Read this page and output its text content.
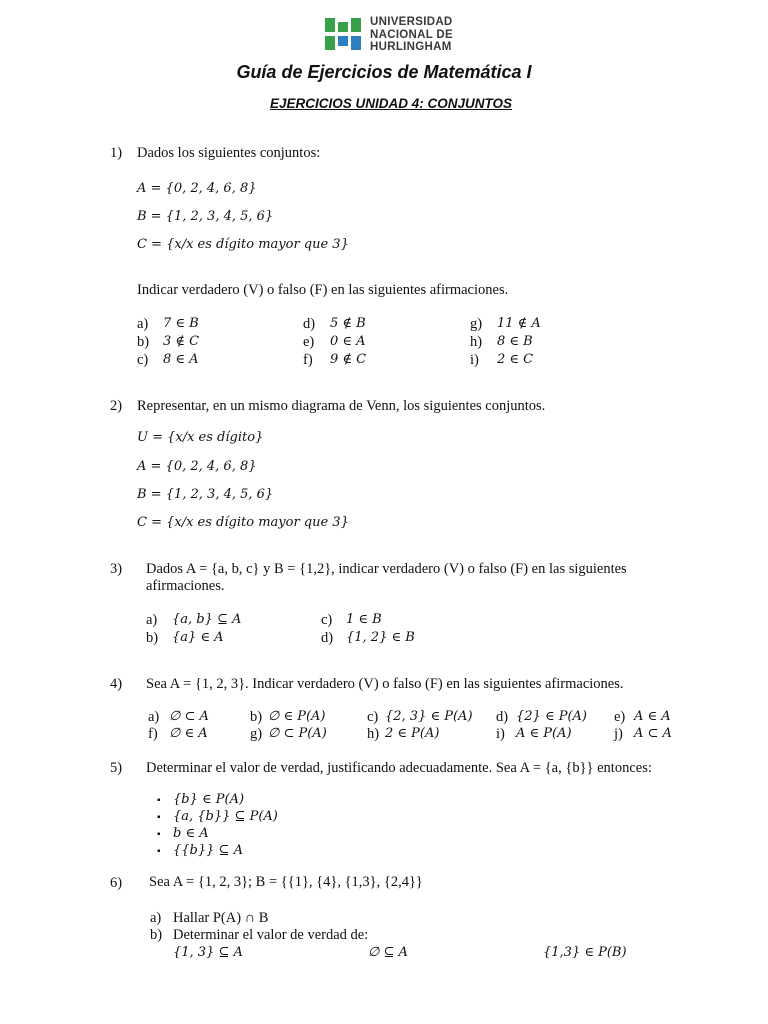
UNIVERSIDAD
NACIONAL DE
HURLINGHAM
Guía de Ejercicios de Matemática I
EJERCICIOS UNIDAD 4: CONJUNTOS
1) Dados los siguientes conjuntos:
A = {0, 2, 4, 6, 8}
B = {1, 2, 3, 4, 5, 6}
C = {x/x es dígito mayor que 3}
Indicar verdadero (V) o falso (F) en las siguientes afirmaciones.
a) 7 ∈ B
b) 3 ∉ C
c) 8 ∈ A
d) 5 ∉ B
e) 0 ∈ A
f) 9 ∉ C
g) 11 ∉ A
h) 8 ∈ B
i) 2 ∈ C
2) Representar, en un mismo diagrama de Venn, los siguientes conjuntos.
U = {x/x es dígito}
A = {0, 2, 4, 6, 8}
B = {1, 2, 3, 4, 5, 6}
C = {x/x es dígito mayor que 3}
3) Dados A = {a, b, c} y B = {1,2}, indicar verdadero (V) o falso (F) en las siguientes
afirmaciones.
a) {a, b} ⊆ A
b) {a} ∈ A
c) 1 ∈ B
d) {1, 2} ∈ B
4) Sea A = {1, 2, 3}. Indicar verdadero (V) o falso (F) en las siguientes afirmaciones.
a) ∅ ⊂ A	b) ∅ ∈ P(A)	c) {2, 3} ∈ P(A) d) {2} ∈ P(A) e) A ∈ A
f) ∅ ∈ A	g) ∅ ⊂ P(A)	h) 2 ∈ P(A)	i) A ∈ P(A)	j) A ⊂ A
5) Determinar el valor de verdad, justificando adecuadamente. Sea A = {a, {b}} entonces:
▪ {b} ∈ P(A)
▪ {a, {b}} ⊆ P(A)
▪ b ∈ A
▪ {{b}} ⊆ A
6) Sea A = {1, 2, 3}; B = {{1}, {4}, {1,3}, {2,4}}
a) Hallar P(A) ∩ B
b) Determinar el valor de verdad de:
{1, 3} ⊆ A	∅ ⊆ A	{1,3} ∈ P(B)
